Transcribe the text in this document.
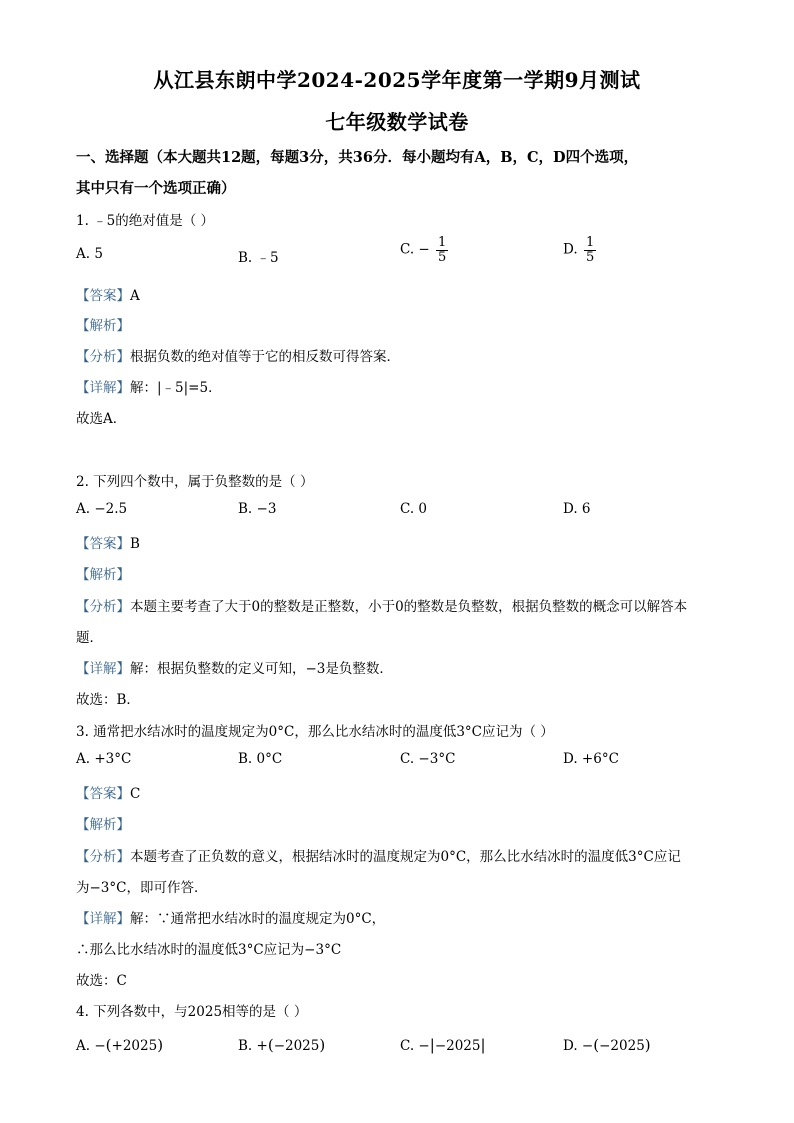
从江县东朗中学2024-2025学年度第一学期9月测试
七年级数学试卷
一、选择题（本大题共12题，每题3分，共36分．每小题均有A，B，C，D四个选项，
其中只有一个选项正确）
1. ﹣5的绝对值是（ ）
A. 5	B. ﹣5
C. − $\frac{1}{5}$	D. $\frac{1}{5}$
【答案】A
【解析】
【分析】根据负数的绝对值等于它的相反数可得答案．
【详解】解：|﹣5|=5．
故选A．
2. 下列四个数中，属于负整数的是（ ）
A. −2.5	B. −3	C. 0	D. 6
【答案】B
【解析】
【分析】本题主要考查了大于0的整数是正整数，小于0的整数是负整数，根据负整数的概念可以解答本
题．
【详解】解：根据负整数的定义可知，−3是负整数．
故选：B．
3. 通常把水结冰时的温度规定为0°C，那么比水结冰时的温度低3°C应记为（ ）
A. +3°C	B. 0°C	C. −3°C	D. +6°C
【答案】C
【解析】
【分析】本题考查了正负数的意义，根据结冰时的温度规定为0°C，那么比水结冰时的温度低3°C应记
为−3°C，即可作答．
【详解】解：∵通常把水结冰时的温度规定为0°C，
∴那么比水结冰时的温度低3°C应记为−3°C
故选：C
4. 下列各数中，与2025相等的是（ ）
A. −(+2025)	B. +(−2025)	C. −|−2025|	D. −(−2025)
